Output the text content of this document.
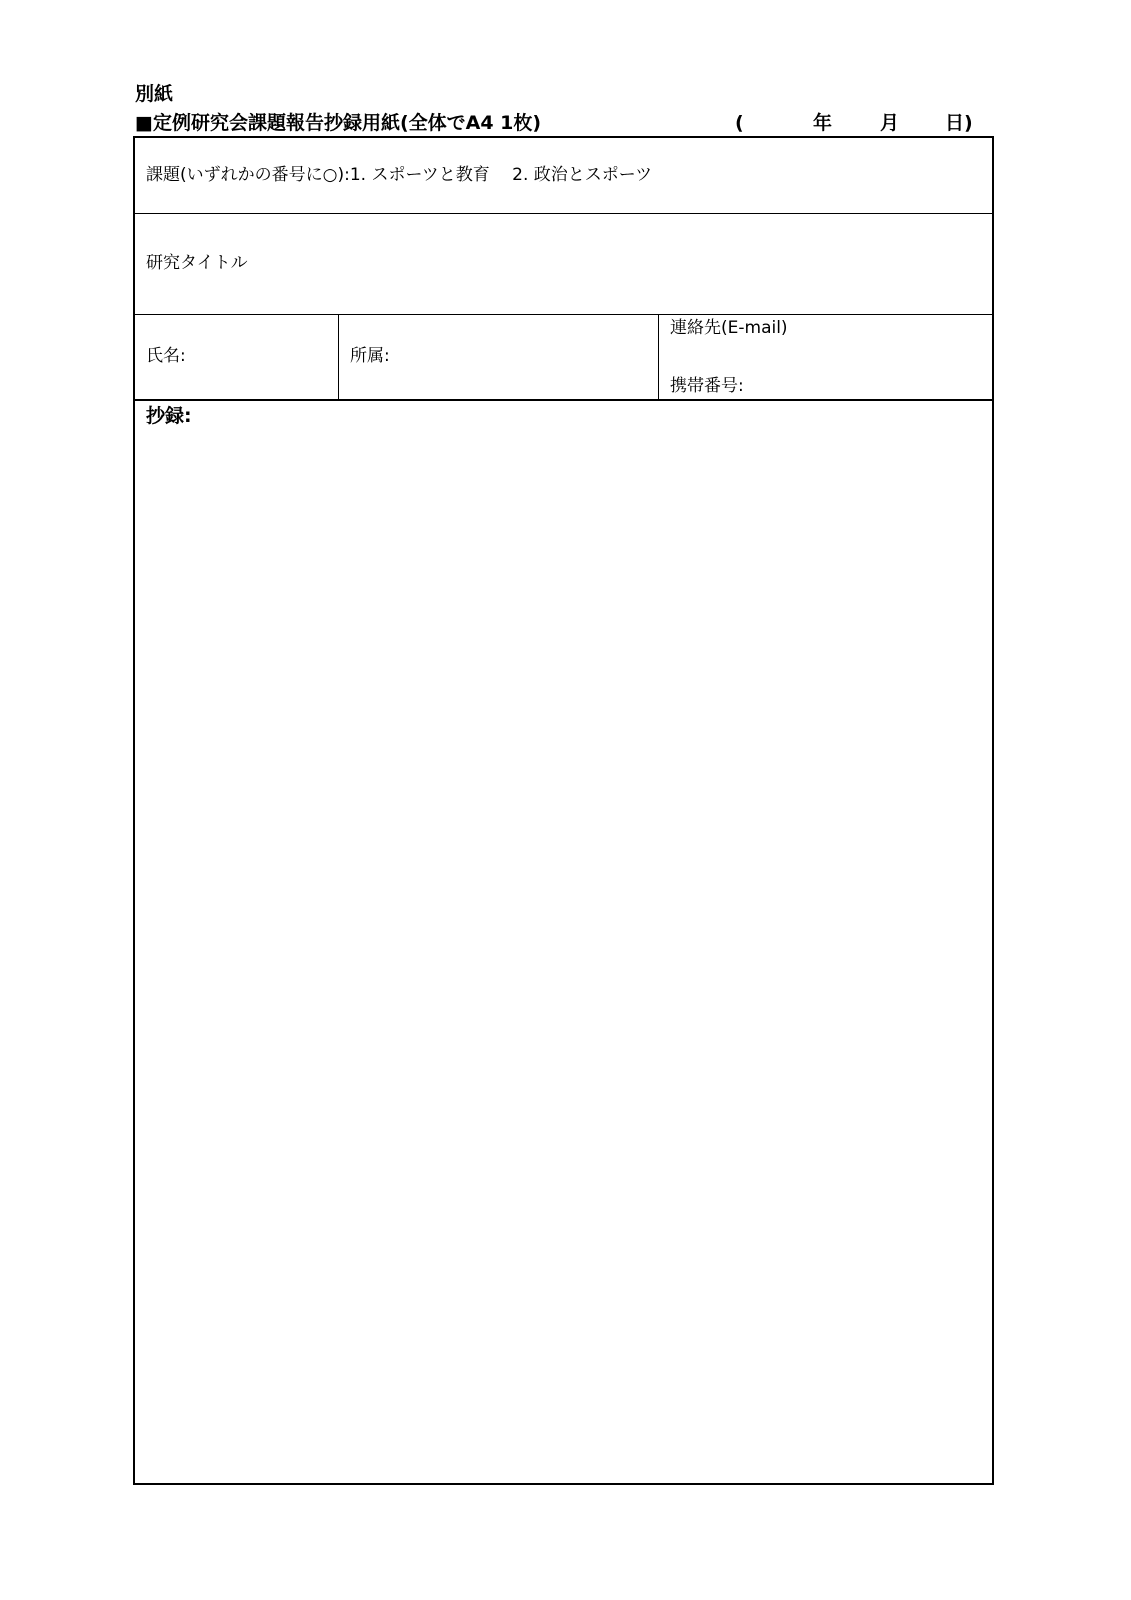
別紙
■定例研究会課題報告抄録用紙(全体でA4 1枚)	(	年	月 日)
課題(いずれかの番号に○):1. スポーツと教育　 2. 政治とスポーツ
研究タイトル
氏名:	所属:
連絡先(E-mail)
携帯番号:
抄録:
